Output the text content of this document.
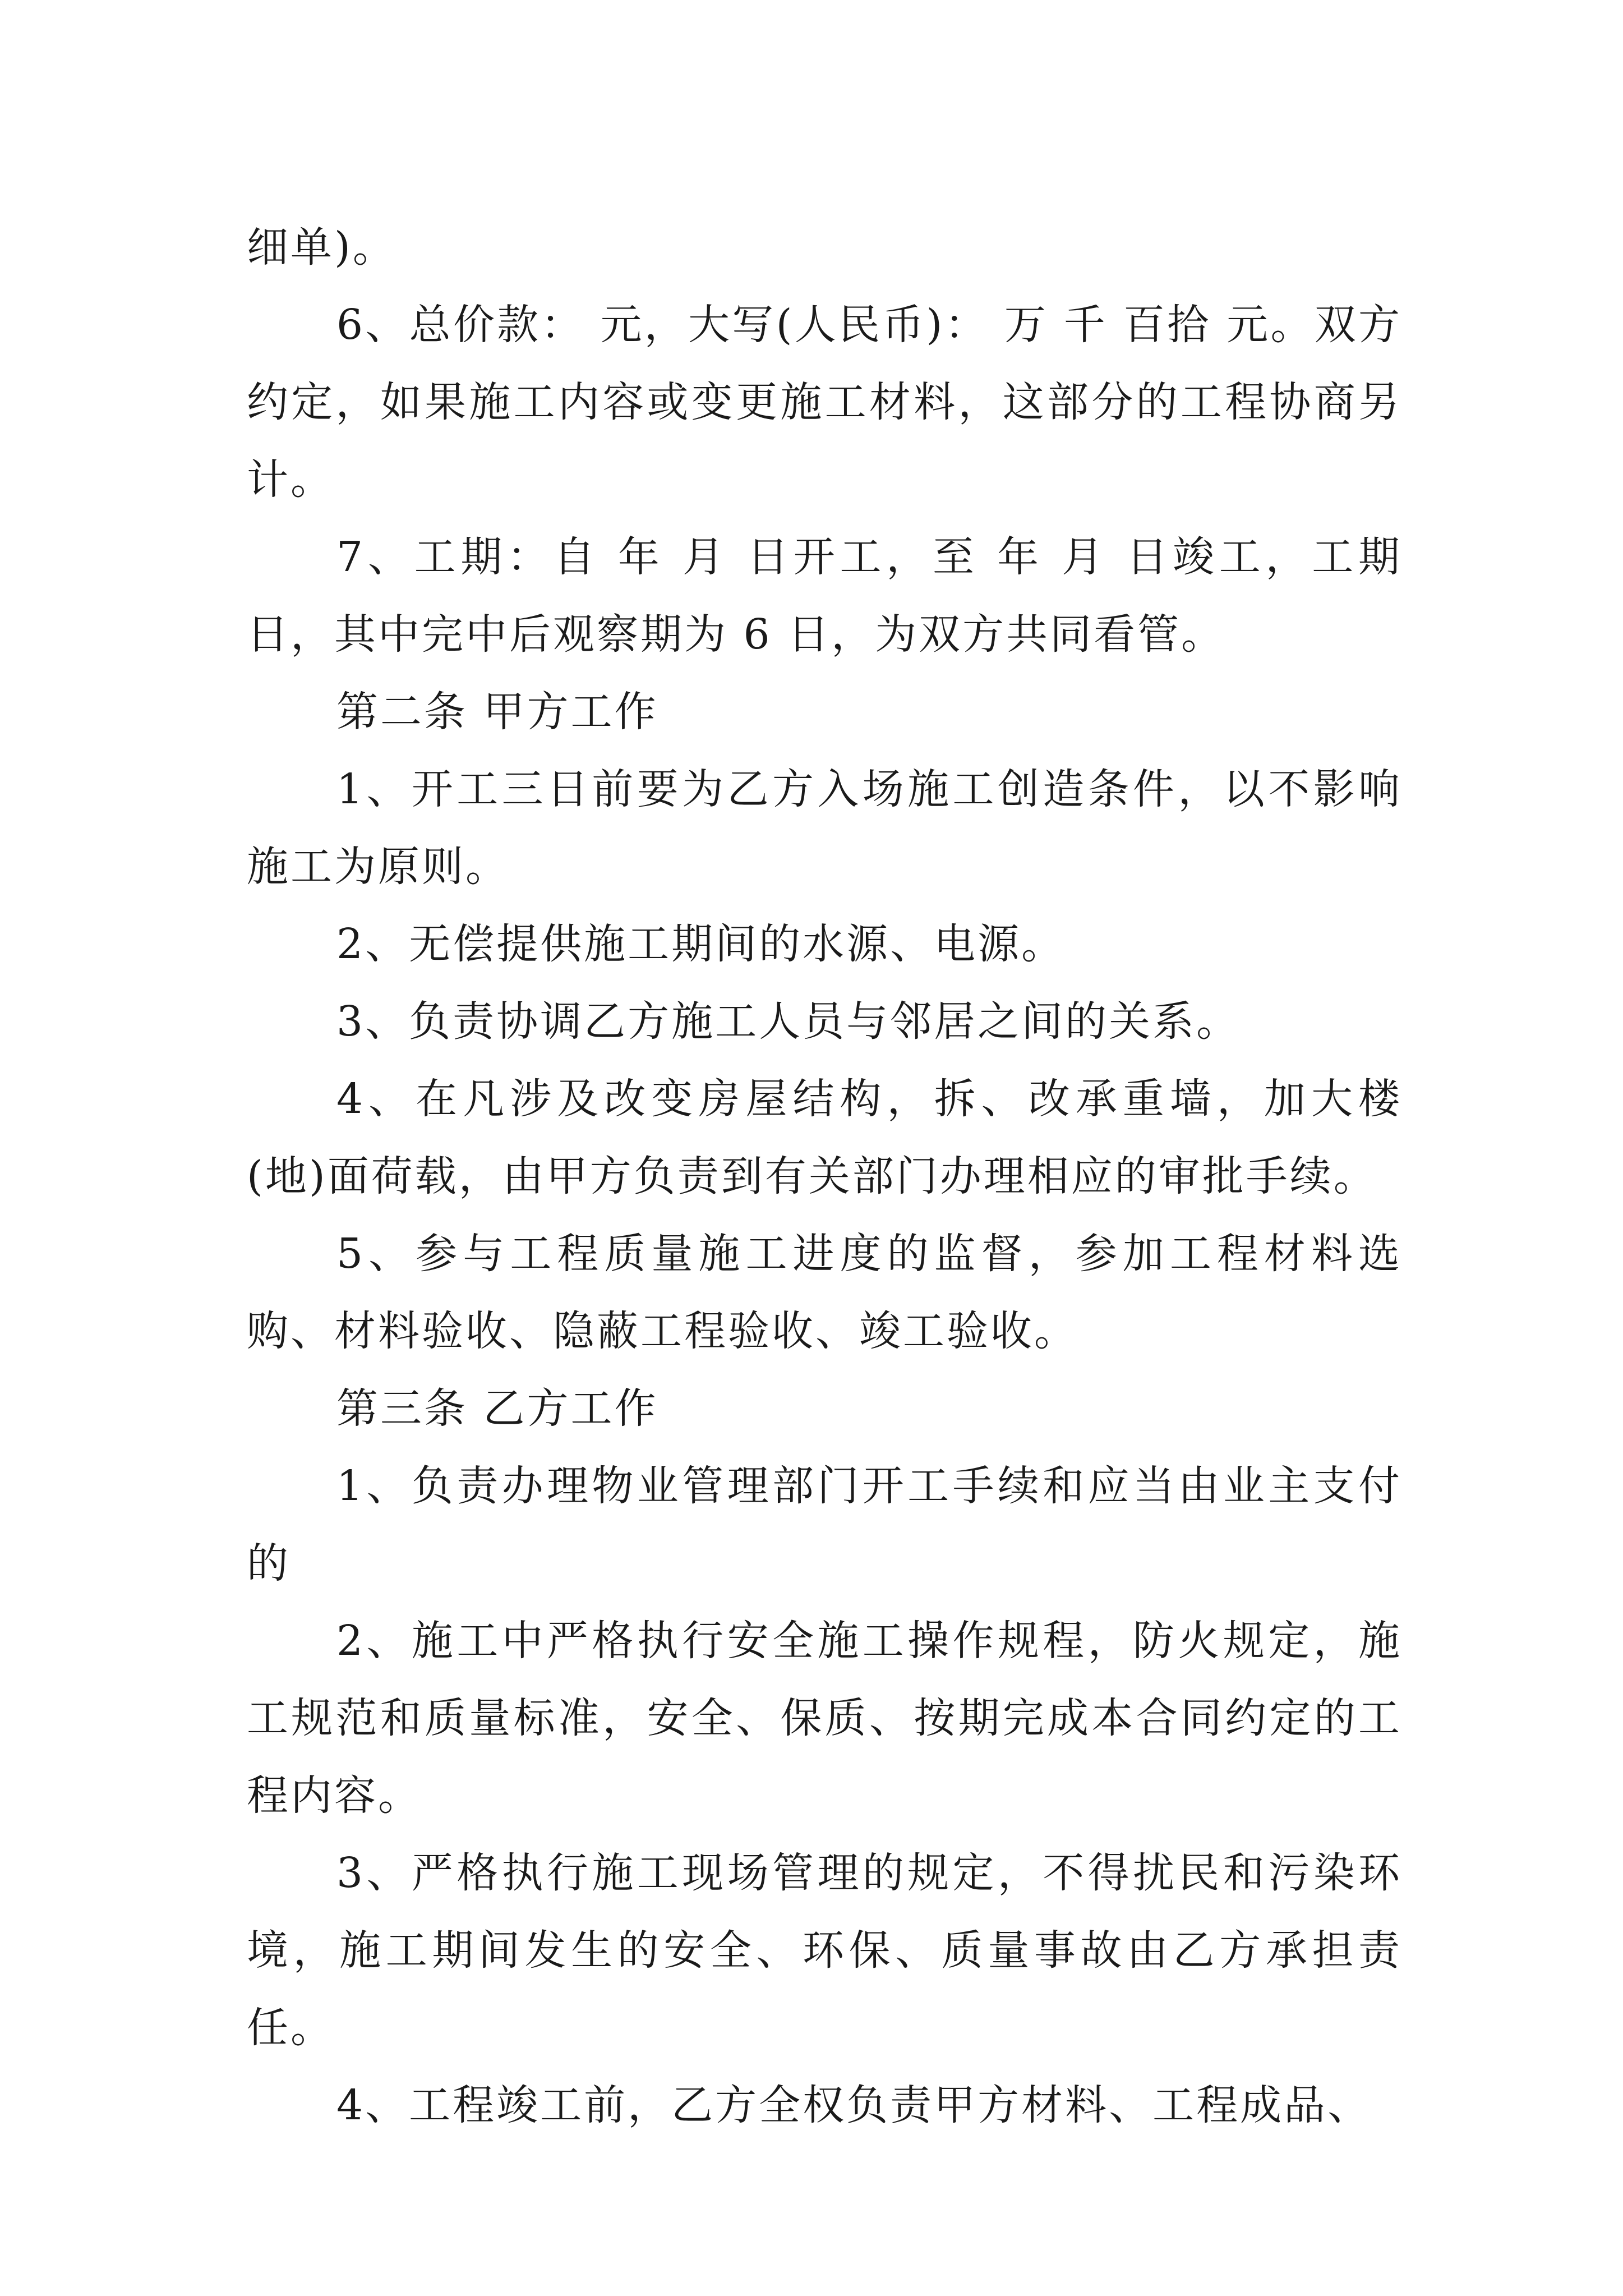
细单)。

6、总价款： 元，大写(人民币)： 万 千 百拾 元。双方约定，如果施工内容或变更施工材料，这部分的工程协商另计。

7、工期：自 年 月 日开工，至 年 月 日竣工，工期 日，其中完中后观察期为 6 日，为双方共同看管。

第二条 甲方工作

1、开工三日前要为乙方入场施工创造条件，以不影响施工为原则。

2、无偿提供施工期间的水源、电源。

3、负责协调乙方施工人员与邻居之间的关系。

4、在凡涉及改变房屋结构，拆、改承重墙，加大楼(地)面荷载，由甲方负责到有关部门办理相应的审批手续。

5、参与工程质量施工进度的监督，参加工程材料选购、材料验收、隐蔽工程验收、竣工验收。

第三条 乙方工作

1、负责办理物业管理部门开工手续和应当由业主支付的

2、施工中严格执行安全施工操作规程，防火规定，施工规范和质量标准，安全、保质、按期完成本合同约定的工程内容。

3、严格执行施工现场管理的规定，不得扰民和污染环境，施工期间发生的安全、环保、质量事故由乙方承担责任。

4、工程竣工前，乙方全权负责甲方材料、工程成品、
